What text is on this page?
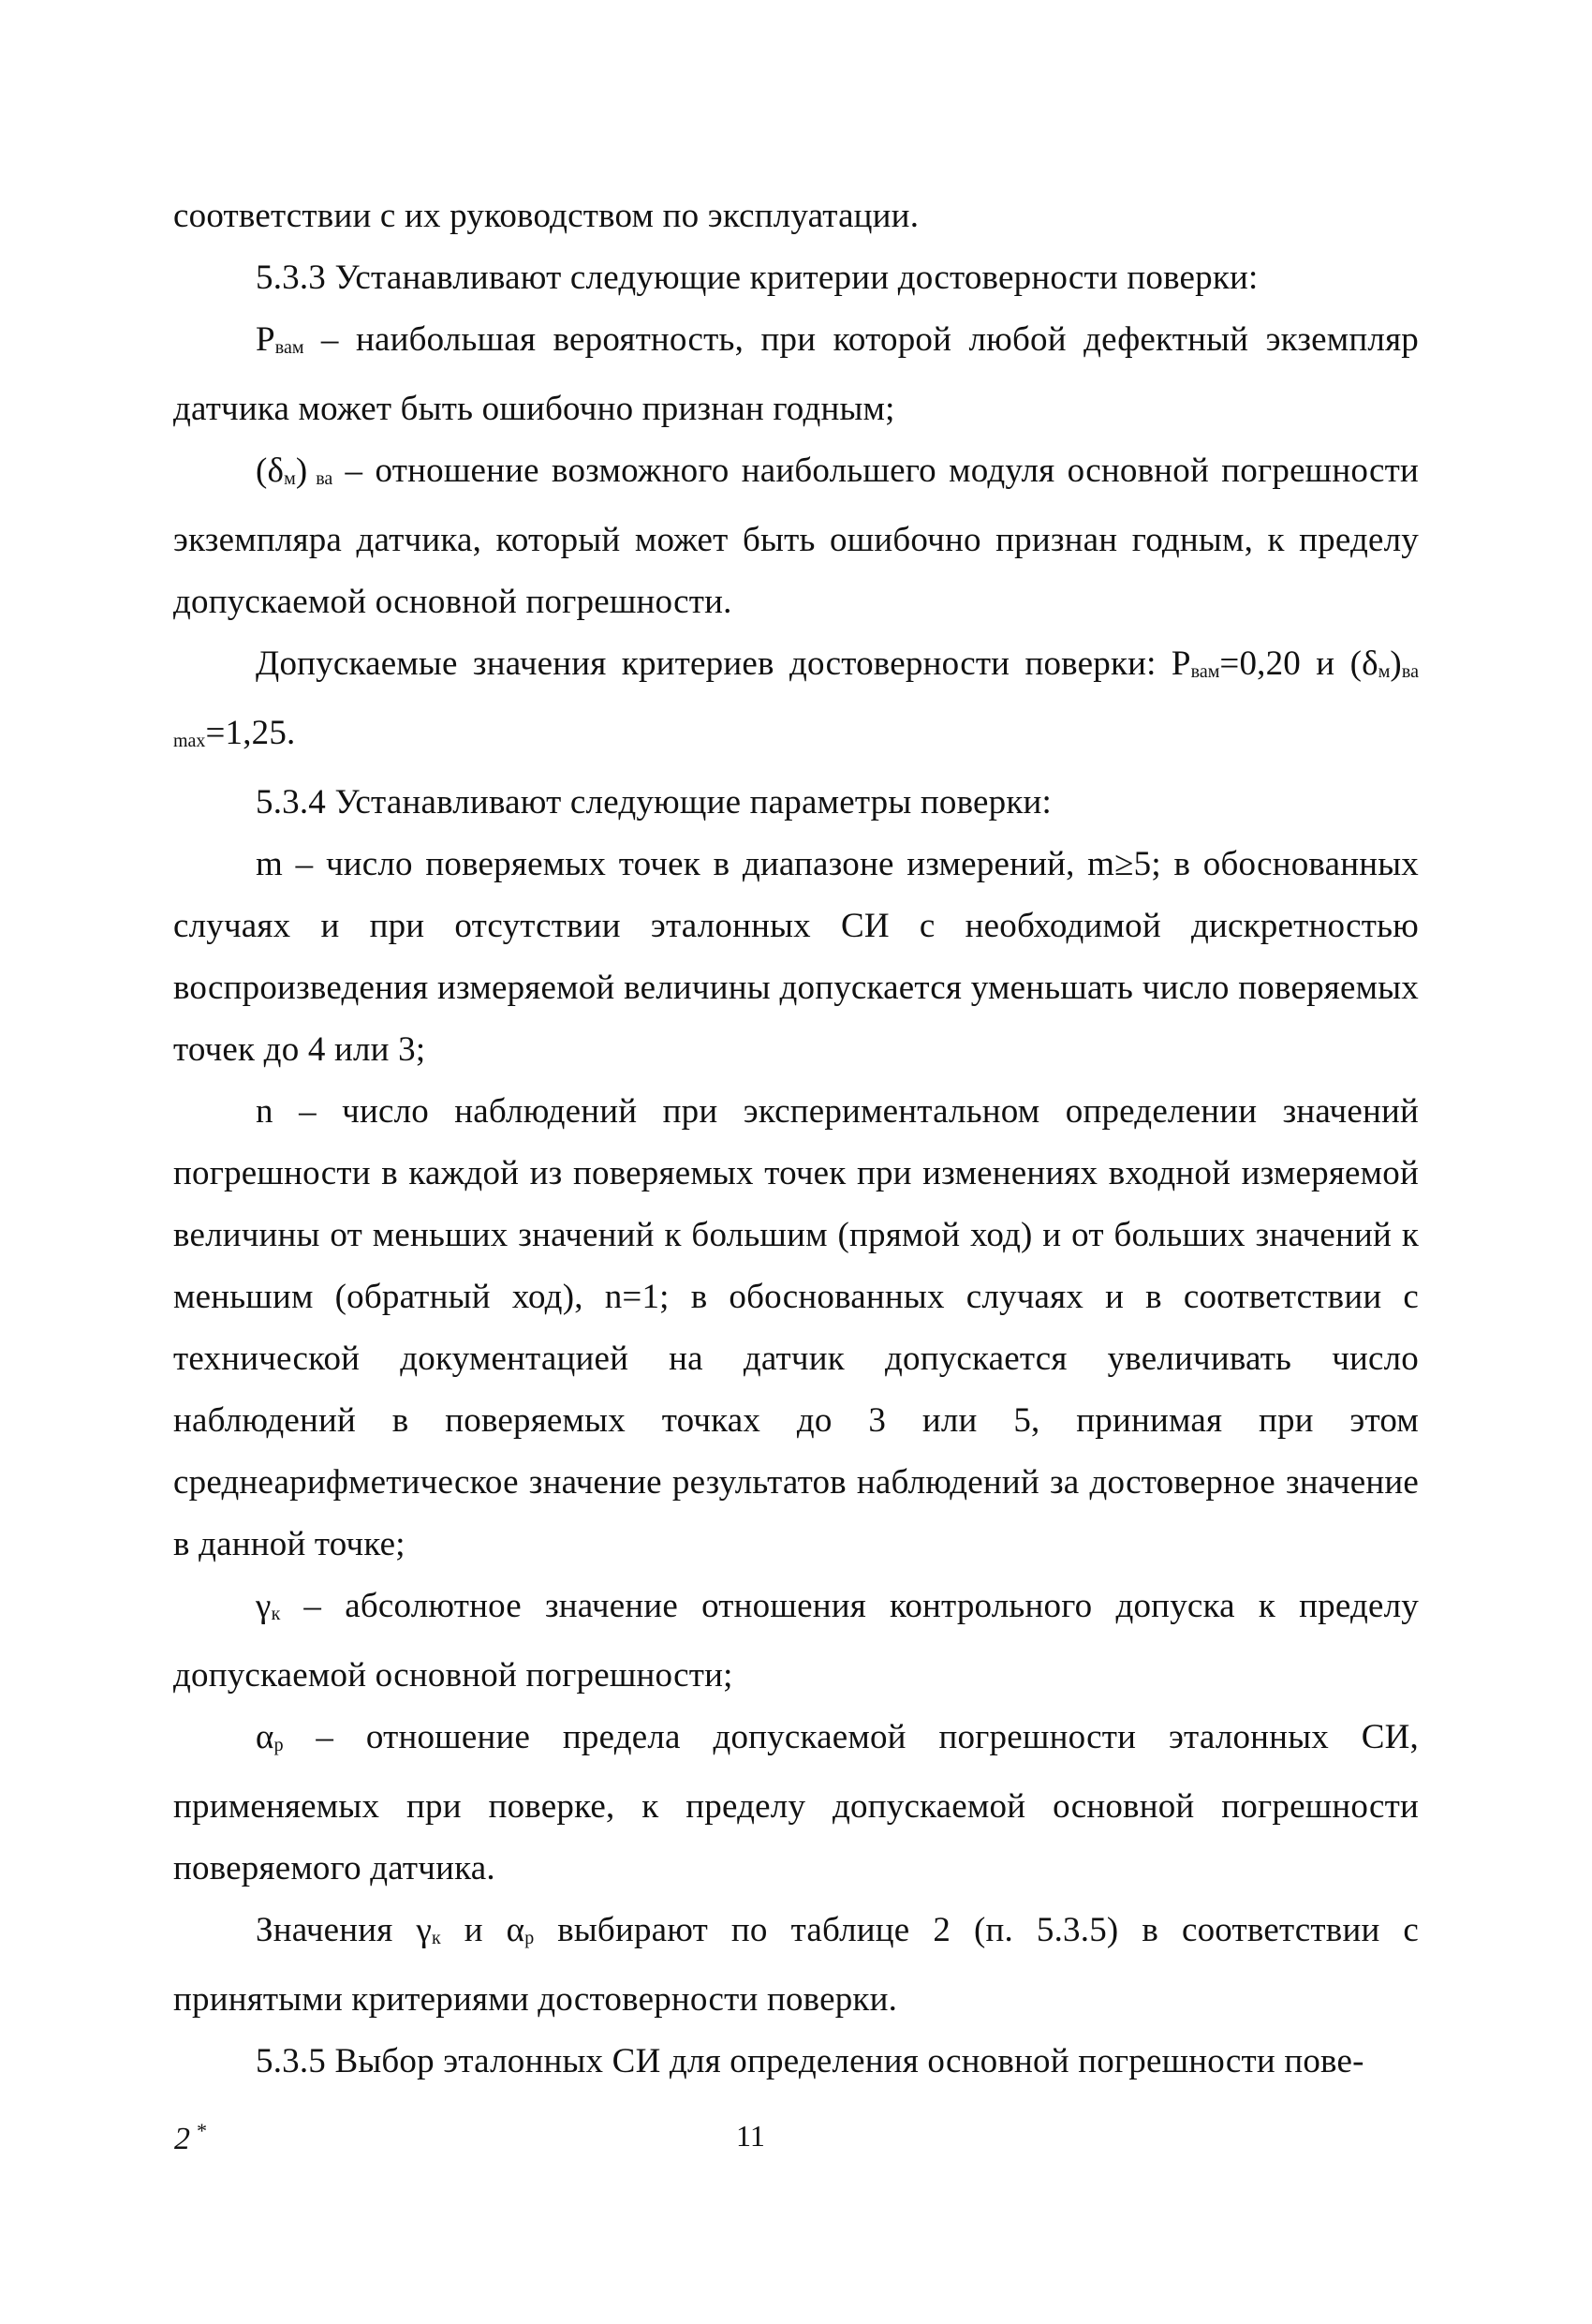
соответствии с их руководством по эксплуатации.

5.3.3 Устанавливают следующие критерии достоверности поверки:

Pвам – наибольшая вероятность, при которой любой дефектный экземпляр датчика может быть ошибочно признан годным;

(δм) ва – отношение возможного наибольшего модуля основной погрешности экземпляра датчика, который может быть ошибочно признан годным, к пределу допускаемой основной погрешности.

Допускаемые значения критериев достоверности поверки: Pвам=0,20 и (δм)ва max=1,25.

5.3.4 Устанавливают следующие параметры поверки:

m – число поверяемых точек в диапазоне измерений, m≥5; в обоснованных случаях и при отсутствии эталонных СИ с необходимой дискретностью воспроизведения измеряемой величины допускается уменьшать число поверяемых точек до 4 или 3;

n – число наблюдений при экспериментальном определении значений погрешности в каждой из поверяемых точек при изменениях входной измеряемой величины от меньших значений к большим (прямой ход) и от больших значений к меньшим (обратный ход), n=1; в обоснованных случаях и в соответствии с технической документацией на датчик допускается увеличивать число наблюдений в поверяемых точках до 3 или 5, принимая при этом среднеарифметическое значение результатов наблюдений за достоверное значение в данной точке;

γк – абсолютное значение отношения контрольного допуска к пределу допускаемой основной погрешности;

αр – отношение предела допускаемой погрешности эталонных СИ, применяемых при поверке, к пределу допускаемой основной погрешности поверяемого датчика.

Значения γк и αр выбирают по таблице 2 (п. 5.3.5) в соответствии с принятыми критериями достоверности поверки.

5.3.5 Выбор эталонных СИ для определения основной погрешности пове-

2 *	11
